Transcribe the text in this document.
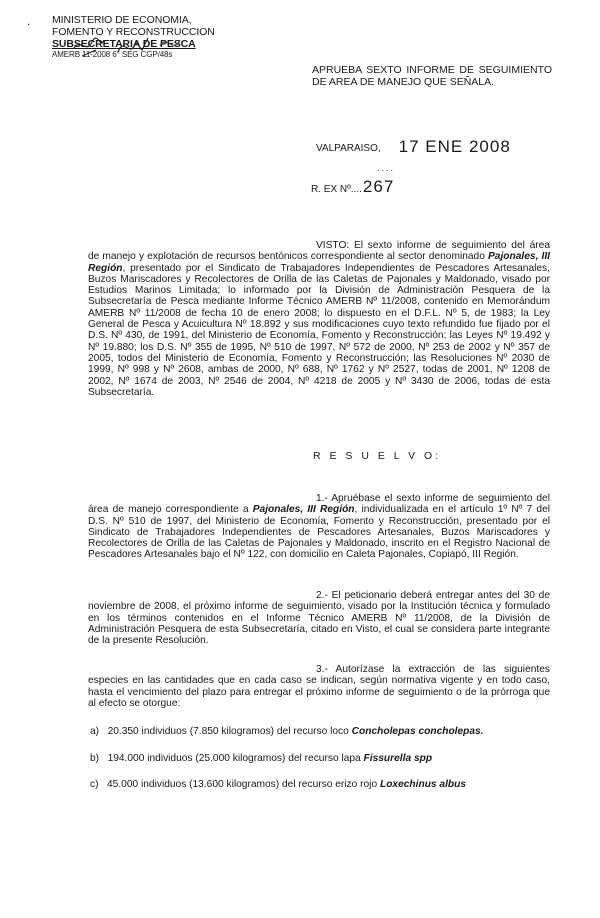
. MINISTERIO DE ECONOMIA,
FOMENTO Y RECONSTRUCCION
SUBSECRETARIA DE PESCA
AMERB 11-2008 6° SEG CGP/48s
APRUEBA SEXTO INFORME DE SEGUIMIENTO DE AREA DE MANEJO QUE SEÑALA.
VALPARAISO, 17 ENE 2008
....
R. EX Nº....267

VISTO: El sexto informe de seguimiento del área de manejo y explotación de recursos bentónicos correspondiente al sector denominado Pajonales, III Región, presentado por el Sindicato de Trabajadores Independientes de Pescadores Artesanales, Buzos Mariscadores y Recolectores de Orilla de las Caletas de Pajonales y Maldonado, visado por Estudios Marinos Limitada; lo informado por la División de Administración Pesquera de la Subsecretaría de Pesca mediante Informe Técnico AMERB Nº 11/2008, contenido en Memorándum AMERB Nº 11/2008 de fecha 10 de enero 2008; lo dispuesto en el D.F.L. Nº 5, de 1983; la Ley General de Pesca y Acuicultura Nº 18.892 y sus modificaciones cuyo texto refundido fue fijado por el D.S. Nº 430, de 1991, del Ministerio de Economía, Fomento y Reconstrucción; las Leyes Nº 19.492 y Nº 19.880; los D.S. Nº 355 de 1995, Nº 510 de 1997, Nº 572 de 2000, Nº 253 de 2002 y Nº 357 de 2005, todos del Ministerio de Economía, Fomento y Reconstrucción; las Resoluciones Nº 2030 de 1999, Nº 998 y Nº 2608, ambas de 2000, Nº 688, Nº 1762 y Nº 2527, todas de 2001, Nº 1208 de 2002, Nº 1674 de 2003, Nº 2546 de 2004, Nº 4218 de 2005 y Nº 3430 de 2006, todas de esta Subsecretaría.

R E S U E L V O:

1.- Apruébase el sexto informe de seguimiento del área de manejo correspondiente a Pajonales, III Región, individualizada en el artículo 1º Nº 7 del D.S. Nº 510 de 1997, del Ministerio de Economía, Fomento y Reconstrucción, presentado por el Sindicato de Trabajadores Independientes de Pescadores Artesanales, Buzos Mariscadores y Recolectores de Orilla de las Caletas de Pajonales y Maldonado, inscrito en el Registro Nacional de Pescadores Artesanales bajo el Nº 122, con domicilio en Caleta Pajonales, Copiapó, III Región.

2.- El peticionario deberá entregar antes del 30 de noviembre de 2008, el próximo informe de seguimiento, visado por la Institución técnica y formulado en los términos contenidos en el Informe Técnico AMERB Nº 11/2008, de la División de Administración Pesquera de esta Subsecretaría, citado en Visto, el cual se considera parte integrante de la presente Resolución.

3.- Autorízase la extracción de las siguientes especies en las cantidades que en cada caso se indican, según normativa vigente y en todo caso, hasta el vencimiento del plazo para entregar el próximo informe de seguimiento o de la prórroga que al efecto se otorgue:

a) 20.350 individuos (7.850 kilogramos) del recurso loco Concholepas concholepas.
b) 194.000 individuos (25.000 kilogramos) del recurso lapa Fissurella spp
c) 45.000 individuos (13.600 kilogramos) del recurso erizo rojo Loxechinus albus
